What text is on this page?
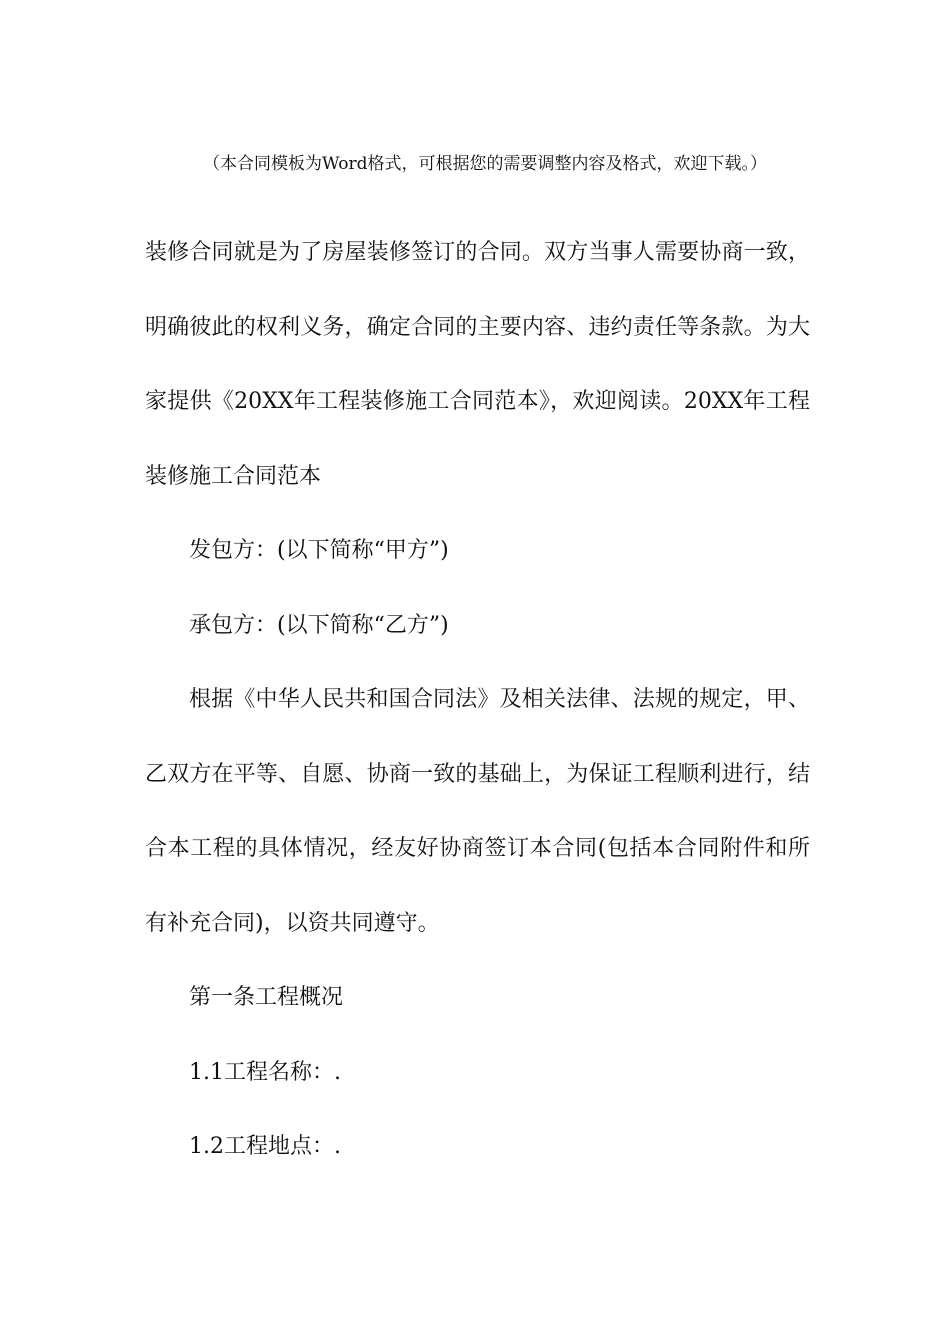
（本合同模板为Word格式，可根据您的需要调整内容及格式，欢迎下载。）

装修合同就是为了房屋装修签订的合同。双方当事人需要协商一致，明确彼此的权利义务，确定合同的主要内容、违约责任等条款。为大家提供《20XX年工程装修施工合同范本》，欢迎阅读。20XX年工程装修施工合同范本

发包方：(以下简称“甲方”)

承包方：(以下简称“乙方”)

根据《中华人民共和国合同法》及相关法律、法规的规定，甲、乙双方在平等、自愿、协商一致的基础上，为保证工程顺利进行，结合本工程的具体情况，经友好协商签订本合同(包括本合同附件和所有补充合同)，以资共同遵守。

第一条工程概况

1.1工程名称：.

1.2工程地点：.
